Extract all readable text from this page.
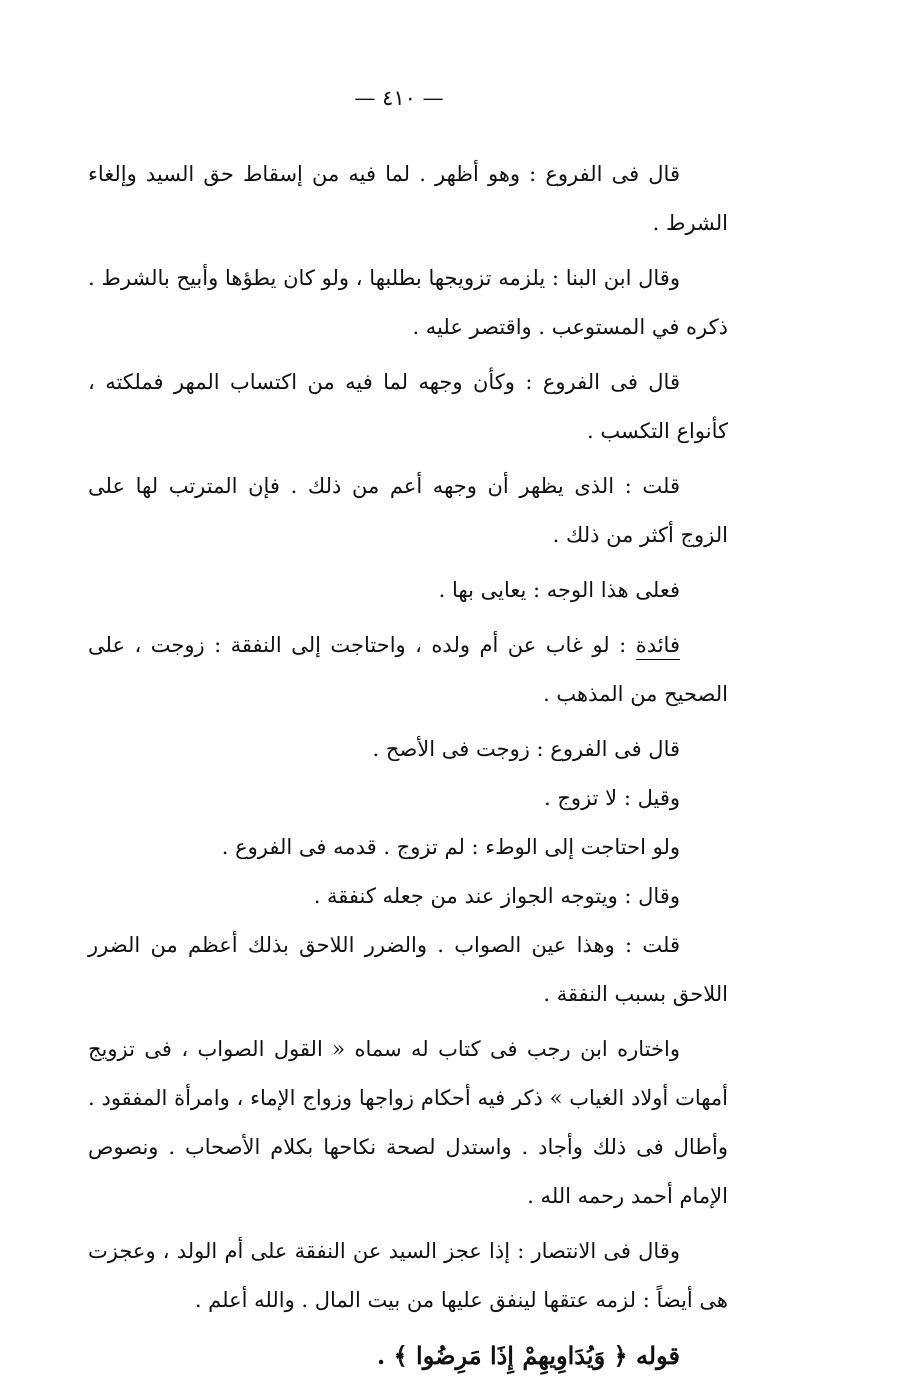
— ٤١٠ —

قال فى الفروع : وهو أظهر . لما فيه من إسقاط حق السيد وإلغاء الشرط .

وقال ابن البنا : يلزمه تزويجها بطلبها ، ولو كان يطؤها وأبيح بالشرط . ذكره في المستوعب . واقتصر عليه .

قال فى الفروع : وكأن وجهه لما فيه من اكتساب المهر فملكته ، كأنواع التكسب .

قلت : الذى يظهر أن وجهه أعم من ذلك . فإن المترتب لها على الزوج أكثر من ذلك .

فعلى هذا الوجه : يعايى بها .

فائدة : لو غاب عن أم ولده ، واحتاجت إلى النفقة : زوجت ، على الصحيح من المذهب .

قال فى الفروع : زوجت فى الأصح .

وقيل : لا تزوج .

ولو احتاجت إلى الوطء : لم تزوج . قدمه فى الفروع .

وقال : ويتوجه الجواز عند من جعله كنفقة .

قلت : وهذا عين الصواب . والضرر اللاحق بذلك أعظم من الضرر اللاحق بسبب النفقة .

واختاره ابن رجب فى كتاب له سماه « القول الصواب ، فى تزويج أمهات أولاد الغياب » ذكر فيه أحكام زواجها وزواج الإماء ، وامرأة المفقود . وأطال فى ذلك وأجاد . واستدل لصحة نكاحها بكلام الأصحاب . ونصوص الإمام أحمد رحمه الله .

وقال فى الانتصار : إذا عجز السيد عن النفقة على أم الولد ، وعجزت هى أيضاً : لزمه عتقها لينفق عليها من بيت المال . والله أعلم .

قوله ﴿ وَيُدَاوِيهِمْ إِذَا مَرِضُوا ﴾ .
